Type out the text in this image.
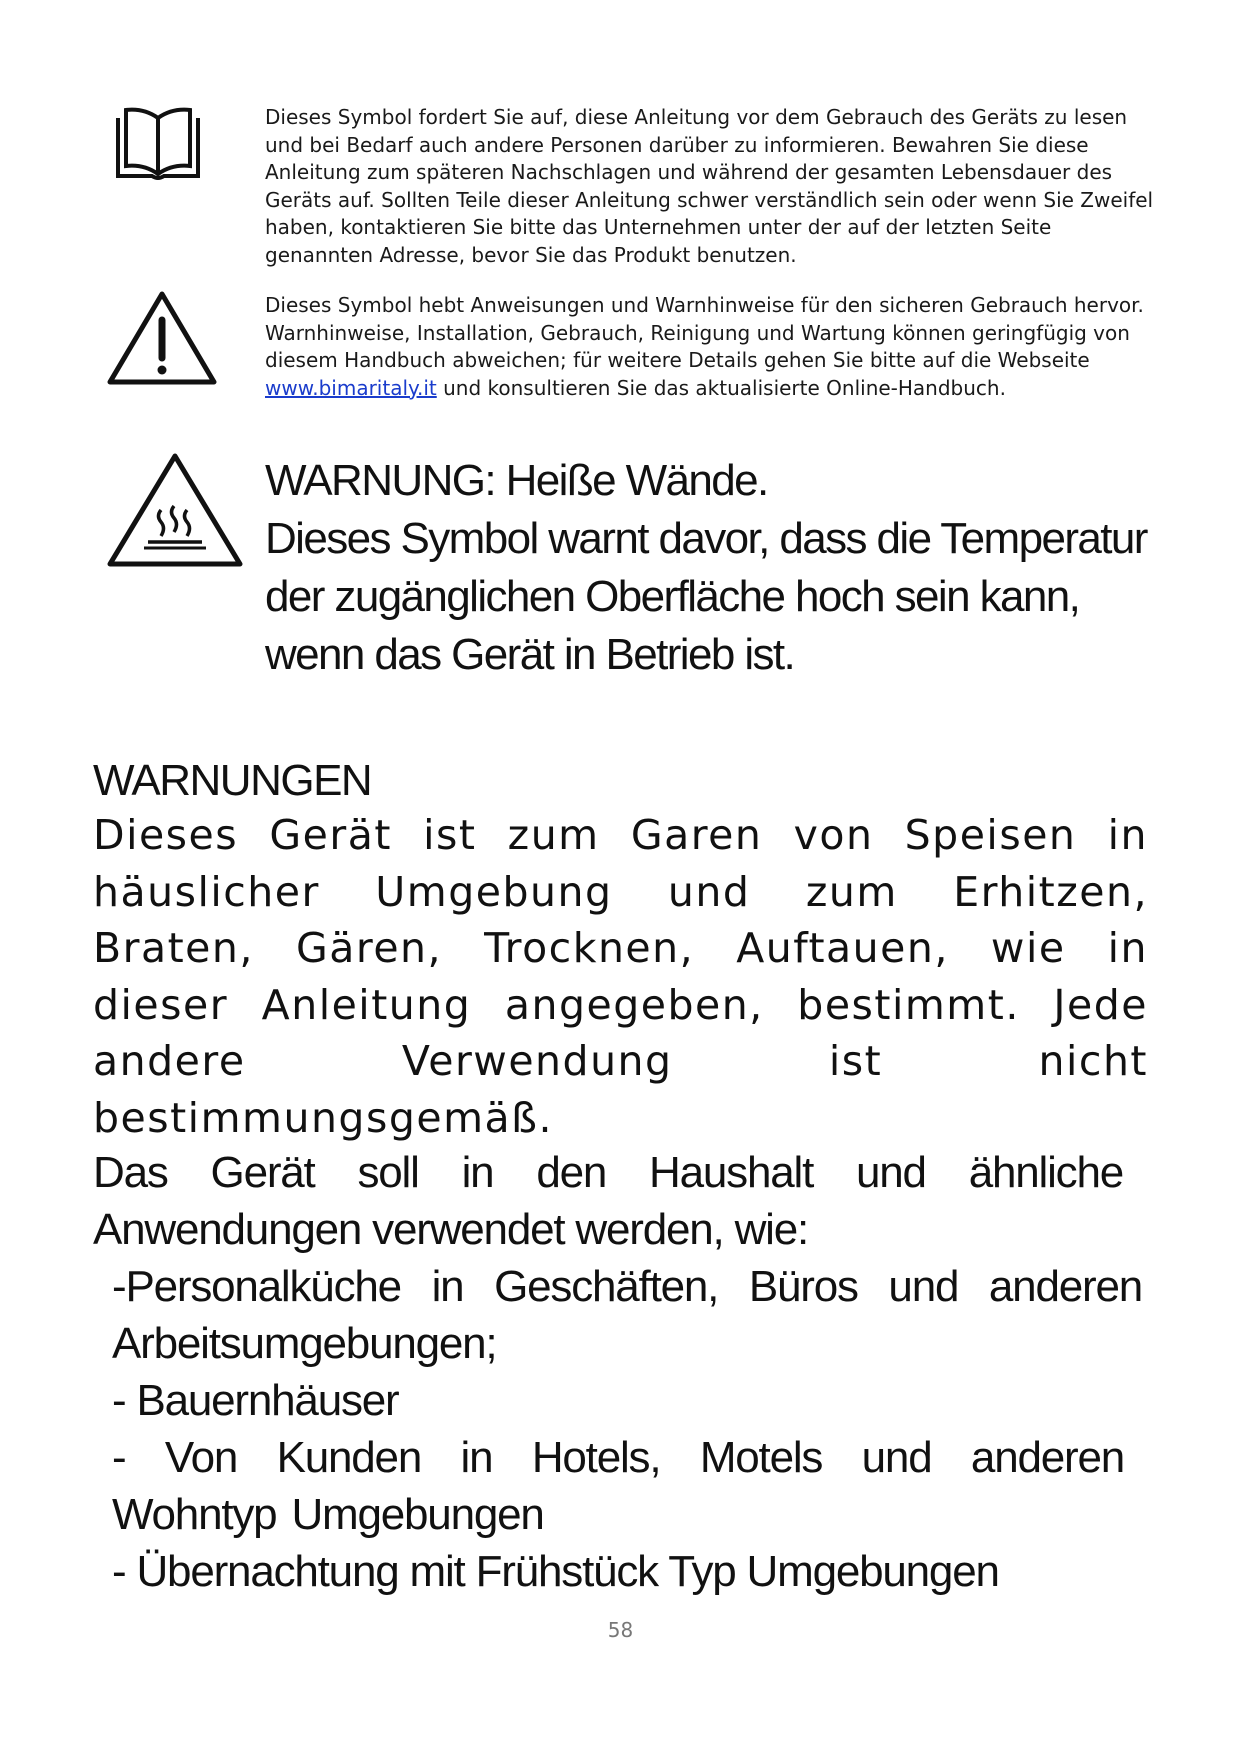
Dieses Symbol fordert Sie auf, diese Anleitung vor dem Gebrauch des Geräts zu lesen und bei Bedarf auch andere Personen darüber zu informieren. Bewahren Sie diese Anleitung zum späteren Nachschlagen und während der gesamten Lebensdauer des Geräts auf. Sollten Teile dieser Anleitung schwer verständlich sein oder wenn Sie Zweifel haben, kontaktieren Sie bitte das Unternehmen unter der auf der letzten Seite genannten Adresse, bevor Sie das Produkt benutzen.
Dieses Symbol hebt Anweisungen und Warnhinweise für den sicheren Gebrauch hervor. Warnhinweise, Installation, Gebrauch, Reinigung und Wartung können geringfügig von diesem Handbuch abweichen; für weitere Details gehen Sie bitte auf die Webseite www.bimaritaly.it und konsultieren Sie das aktualisierte Online-Handbuch.
WARNUNG: Heiße Wände.
Dieses Symbol warnt davor, dass die Temperatur der zugänglichen Oberfläche hoch sein kann, wenn das Gerät in Betrieb ist.
WARNUNGEN
Dieses Gerät ist zum Garen von Speisen in häuslicher Umgebung und zum Erhitzen, Braten, Gären, Trocknen, Auftauen, wie in dieser Anleitung angegeben, bestimmt. Jede andere Verwendung ist nicht bestimmungsgemäß.
Das Gerät soll in den Haushalt und ähnliche
Anwendungen verwendet werden, wie:
-Personalküche in Geschäften, Büros und anderen Arbeitsumgebungen;
- Bauernhäuser
- Von Kunden in Hotels, Motels und anderen Wohntyp Umgebungen
- Übernachtung mit Frühstück Typ Umgebungen
58
